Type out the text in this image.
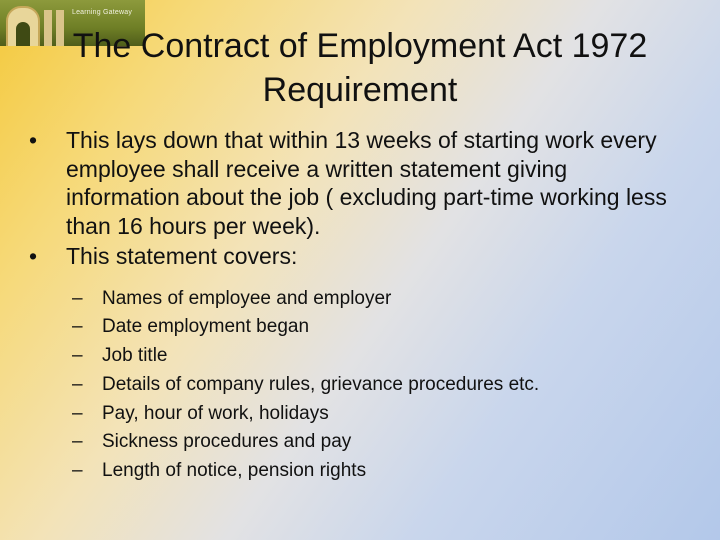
Learning Gateway
The Contract of Employment Act 1972 Requirement
• This lays down that within 13 weeks of starting work every employee shall receive a written statement giving information about the job ( excluding part‑time working less than 16 hours per week).
• This statement covers:
– Names of employee and employer
– Date employment began
– Job title
– Details of company rules, grievance procedures etc.
– Pay, hour of work, holidays
– Sickness procedures and pay
– Length of notice, pension rights
